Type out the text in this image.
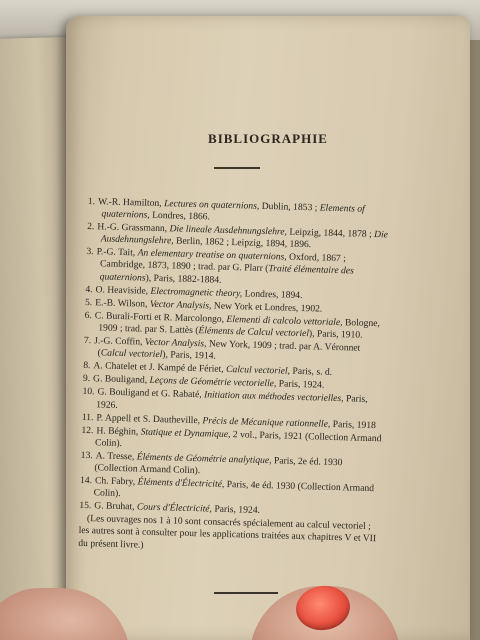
BIBLIOGRAPHIE
1. W.-R. Hamilton, Lectures on quaternions, Dublin, 1853 ; Elements of quaternions, Londres, 1866.
2. H.-G. Grassmann, Die lineale Ausdehnungslehre, Leipzig, 1844, 1878 ; Die Ausdehnungslehre, Berlin, 1862 ; Leipzig, 1894, 1896.
3. P.-G. Tait, An elementary treatise on quaternions, Oxford, 1867 ; Cambridge, 1873, 1890 ; trad. par G. Plarr (Traité élémentaire des quaternions), Paris, 1882-1884.
4. O. Heaviside, Electromagnetic theory, Londres, 1894.
5. E.-B. Wilson, Vector Analysis, New York et Londres, 1902.
6. C. Burali-Forti et R. Marcolongo, Elementi di calcolo vettoriale, Bologne, 1909 ; trad. par S. Lattès (Éléments de Calcul vectoriel), Paris, 1910.
7. J.-G. Coffin, Vector Analysis, New York, 1909 ; trad. par A. Véronnet (Calcul vectoriel), Paris, 1914.
8. A. Chatelet et J. Kampé de Fériet, Calcul vectoriel, Paris, s. d.
9. G. Bouligand, Leçons de Géométrie vectorielle, Paris, 1924.
10. G. Bouligand et G. Rabaté, Initiation aux méthodes vectorielles, Paris, 1926.
11. P. Appell et S. Dautheville, Précis de Mécanique rationnelle, Paris, 1918
12. H. Béghin, Statique et Dynamique, 2 vol., Paris, 1921 (Collection Armand Colin).
13. A. Tresse, Éléments de Géométrie analytique, Paris, 2e éd. 1930 (Collection Armand Colin).
14. Ch. Fabry, Éléments d'Électricité, Paris, 4e éd. 1930 (Collection Armand Colin).
15. G. Bruhat, Cours d'Électricité, Paris, 1924.
(Les ouvrages nos 1 à 10 sont consacrés spécialement au calcul vectoriel ; les autres sont à consulter pour les applications traitées aux chapitres V et VII du présent livre.)
